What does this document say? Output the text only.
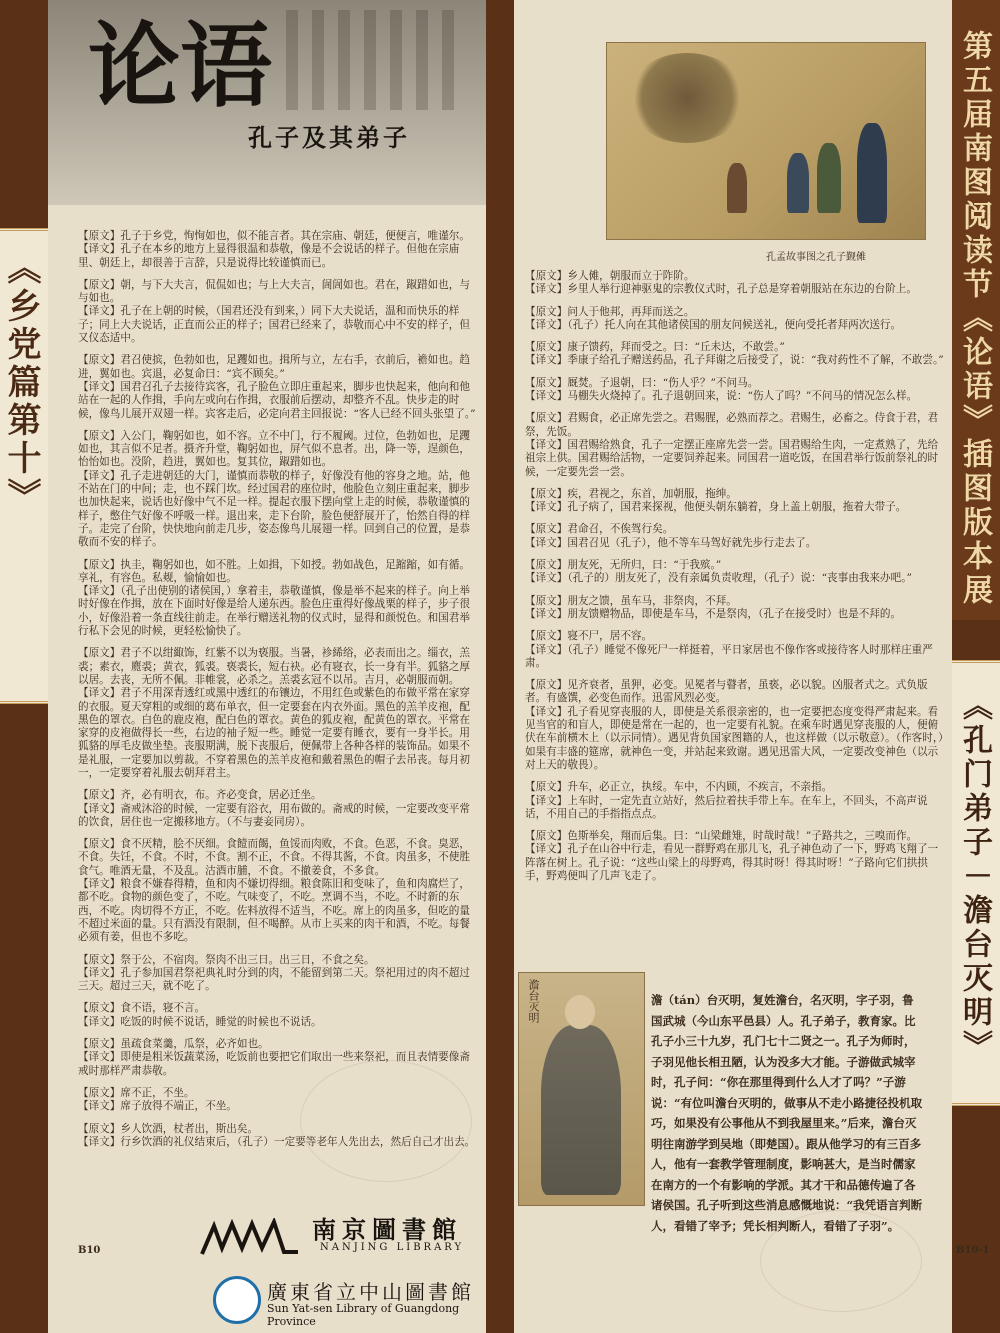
《乡党篇第十》	第五届南图阅读节《论语》插图版本展
《孔门弟子－澹台灭明》
论语
孔子及其弟子
【原文】孔子于乡党，恂恂如也，似不能言者。其在宗庙、朝廷，便便言，唯谨尔。
【译文】孔子在本乡的地方上显得很温和恭敬，像是不会说话的样子。但他在宗庙里、朝廷上，却很善于言辞，只是说得比较谨慎而已。
【原文】朝，与下大夫言，侃侃如也；与上大夫言，訚訚如也。君在，踧踖如也，与与如也。
【译文】孔子在上朝的时候，（国君还没有到来，）同下大夫说话，温和而快乐的样子；同上大夫说话，正直而公正的样子；国君已经来了，恭敬而心中不安的样子，但又仪态适中。
【原文】君召使摈，色勃如也，足躩如也。揖所与立，左右手，衣前后，襜如也。趋进，翼如也。宾退，必复命曰：“宾不顾矣。”
【译文】国君召孔子去接待宾客，孔子脸色立即庄重起来，脚步也快起来，他向和他站在一起的人作揖，手向左或向右作揖，衣服前后摆动，却整齐不乱。快步走的时候，像鸟儿展开双翅一样。宾客走后，必定向君主回报说：“客人已经不回头张望了。”
【原文】入公门，鞠躬如也，如不容。立不中门，行不履阈。过位，色勃如也，足躩如也，其言似不足者。摄齐升堂，鞠躬如也，屏气似不息者。出，降一等，逞颜色，怡怡如也。没阶，趋进，翼如也。复其位，踧踖如也。
【译文】孔子走进朝廷的大门，谨慎而恭敬的样子，好像没有他的容身之地。站，他不站在门的中间；走，也不踩门坎。经过国君的座位时，他脸色立刻庄重起来，脚步也加快起来，说话也好像中气不足一样。提起衣服下摆向堂上走的时候，恭敬谨慎的样子，憋住气好像不呼吸一样。退出来，走下台阶，脸色便舒展开了，怡然自得的样子。走完了台阶，快快地向前走几步，姿态像鸟儿展翅一样。回到自己的位置，是恭敬而不安的样子。
【原文】执圭，鞠躬如也，如不胜。上如揖，下如授。勃如战色，足蹜蹜，如有循。享礼，有容色。私觌，愉愉如也。
【译文】（孔子出使别的诸侯国，）拿着圭，恭敬谨慎，像是举不起来的样子。向上举时好像在作揖，放在下面时好像是给人递东西。脸色庄重得好像战栗的样子，步子很小，好像沿着一条直线往前走。在举行赠送礼物的仪式时，显得和颜悦色。和国君举行私下会见的时候，更轻松愉快了。
【原文】君子不以绀緅饰，红紫不以为亵服。当暑，袗絺绤，必表而出之。缁衣，羔裘；素衣，麑裘；黄衣，狐裘。亵裘长，短右袂。必有寝衣，长一身有半。狐貉之厚以居。去丧，无所不佩。非帷裳，必杀之。羔裘玄冠不以吊。吉月，必朝服而朝。
【译文】君子不用深青透红或黑中透红的布镶边，不用红色或紫色的布做平常在家穿的衣服。夏天穿粗的或细的葛布单衣，但一定要套在内衣外面。黑色的羔羊皮袍，配黑色的罩衣。白色的鹿皮袍，配白色的罩衣。黄色的狐皮袍，配黄色的罩衣。平常在家穿的皮袍做得长一些，右边的袖子短一些。睡觉一定要有睡衣，要有一身半长。用狐貉的厚毛皮做坐垫。丧服期满，脱下丧服后，便佩带上各种各样的装饰品。如果不是礼服，一定要加以剪裁。不穿着黑色的羔羊皮袍和戴着黑色的帽子去吊丧。每月初一，一定要穿着礼服去朝拜君主。
【原文】齐，必有明衣，布。齐必变食，居必迁坐。
【译文】斋戒沐浴的时候，一定要有浴衣，用布做的。斋戒的时候，一定要改变平常的饮食，居住也一定搬移地方。（不与妻妾同房）。
【原文】食不厌精，脍不厌细。食饐而餲，鱼馁而肉败，不食。色恶，不食。臭恶，不食。失饪，不食。不时，不食。割不正，不食。不得其酱，不食。肉虽多，不使胜食气。唯酒无量，不及乱。沽酒市脯，不食。不撤姜食，不多食。
【译文】粮食不嫌春得精，鱼和肉不嫌切得细。粮食陈旧和变味了，鱼和肉腐烂了，都不吃。食物的颜色变了，不吃。气味变了，不吃。烹调不当，不吃。不时新的东西，不吃。肉切得不方正，不吃。佐料放得不适当，不吃。席上的肉虽多，但吃的量不超过米面的量。只有酒没有限制，但不喝醉。从市上买来的肉干和酒，不吃。每餐必须有姜，但也不多吃。
【原文】祭于公，不宿肉。祭肉不出三日。出三日，不食之矣。
【译文】孔子参加国君祭祀典礼时分到的肉，不能留到第二天。祭祀用过的肉不超过三天。超过三天，就不吃了。
【原文】食不语，寝不言。
【译文】吃饭的时候不说话，睡觉的时候也不说话。
【原文】虽疏食菜羹，瓜祭，必齐如也。
【译文】即使是粗米饭蔬菜汤，吃饭前也要把它们取出一些来祭祀，而且表情要像斋戒时那样严肃恭敬。
【原文】席不正，不坐。
【译文】席子放得不端正，不坐。
【原文】乡人饮酒，杖者出，斯出矣。
【译文】行乡饮酒的礼仪结束后，（孔子）一定要等老年人先出去，然后自己才出去。
孔孟故事图之孔子觐傩
【原文】乡人傩，朝服而立于阼阶。
【译文】乡里人举行迎神驱鬼的宗教仪式时，孔子总是穿着朝服站在东边的台阶上。
【原文】问人于他邦，再拜而送之。
【译文】（孔子）托人向在其他诸侯国的朋友问候送礼，便向受托者拜两次送行。
【原文】康子馈药，拜而受之。曰：“丘未达，不敢尝。”
【译文】季康子给孔子赠送药品，孔子拜谢之后接受了，说：“我对药性不了解，不敢尝。”
【原文】厩焚。子退朝，曰：“伤人乎？”不问马。
【译文】马棚失火烧掉了。孔子退朝回来，说：“伤人了吗？”不问马的情况怎么样。
【原文】君赐食，必正席先尝之。君赐腥，必熟而荐之。君赐生，必畜之。侍食于君，君祭，先饭。
【译文】国君赐给熟食，孔子一定摆正座席先尝一尝。国君赐给生肉，一定煮熟了，先给祖宗上供。国君赐给活物，一定要饲养起来。同国君一道吃饭，在国君举行饭前祭礼的时候，一定要先尝一尝。
【原文】疾，君视之，东首，加朝服，拖绅。
【译文】孔子病了，国君来探视，他便头朝东躺着，身上盖上朝服，拖着大带子。
【原文】君命召，不俟驾行矣。
【译文】国君召见（孔子），他不等车马驾好就先步行走去了。
【原文】朋友死，无所归，曰：“于我殡。”
【译文】（孔子的）朋友死了，没有亲属负责收理，（孔子）说：“丧事由我来办吧。”
【原文】朋友之馈，虽车马，非祭肉，不拜。
【译文】朋友馈赠物品，即使是车马，不是祭肉，（孔子在接受时）也是不拜的。
【原文】寝不尸，居不容。
【译文】（孔子）睡觉不像死尸一样挺着，平日家居也不像作客或接待客人时那样庄重严肃。
【原文】见齐衰者，虽狎，必变。见冕者与瞽者，虽亵，必以貌。凶服者式之。式负版者。有盛馔，必变色而作。迅雷风烈必变。
【译文】孔子看见穿丧服的人，即使是关系很亲密的，也一定要把态度变得严肃起来。看见当官的和盲人，即使是常在一起的，也一定要有礼貌。在乘车时遇见穿丧服的人，便俯伏在车前横木上（以示同情）。遇见背负国家图籍的人，也这样做（以示敬意）。（作客时，）如果有丰盛的筵席，就神色一变，并站起来致谢。遇见迅雷大风，一定要改变神色（以示对上天的敬畏）。
【原文】升车，必正立，执绥。车中，不内顾，不疾言，不亲指。
【译文】上车时，一定先直立站好，然后拉着扶手带上车。在车上，不回头，不高声说话，不用自己的手指指点点。
【原文】色斯举矣，翔而后集。曰：“山梁雌雉，时哉时哉！”子路共之，三嗅而作。
【译文】孔子在山谷中行走，看见一群野鸡在那儿飞，孔子神色动了一下，野鸡飞翔了一阵落在树上。孔子说：“这些山梁上的母野鸡，得其时呀！得其时呀！”子路向它们拱拱手，野鸡便叫了几声飞走了。
澹台灭明	澹（tán）台灭明，复姓澹台，名灭明，字子羽，鲁国武城（今山东平邑县）人。孔子弟子，教育家。比孔子小三十九岁，孔门七十二贤之一。孔子为师时，子羽见他长相丑陋，认为没多大才能。子游做武城宰时，孔子问：“你在那里得到什么人才了吗？”子游说：“有位叫澹台灭明的，做事从不走小路捷径投机取巧，如果没有公事他从不到我屋里来。”后来，澹台灭明往南游学到吴地（即楚国）。跟从他学习的有三百多人，他有一套教学管理制度，影响甚大，是当时儒家在南方的一个有影响的学派。其才干和品德传遍了各诸侯国。孔子听到这些消息感慨地说：“我凭语言判断人，看错了宰予；凭长相判断人，看错了子羽”。
南京圖書館
NANJING LIBRARY
廣東省立中山圖書館
Sun Yat-sen Library of Guangdong Province
B10	B10-1
